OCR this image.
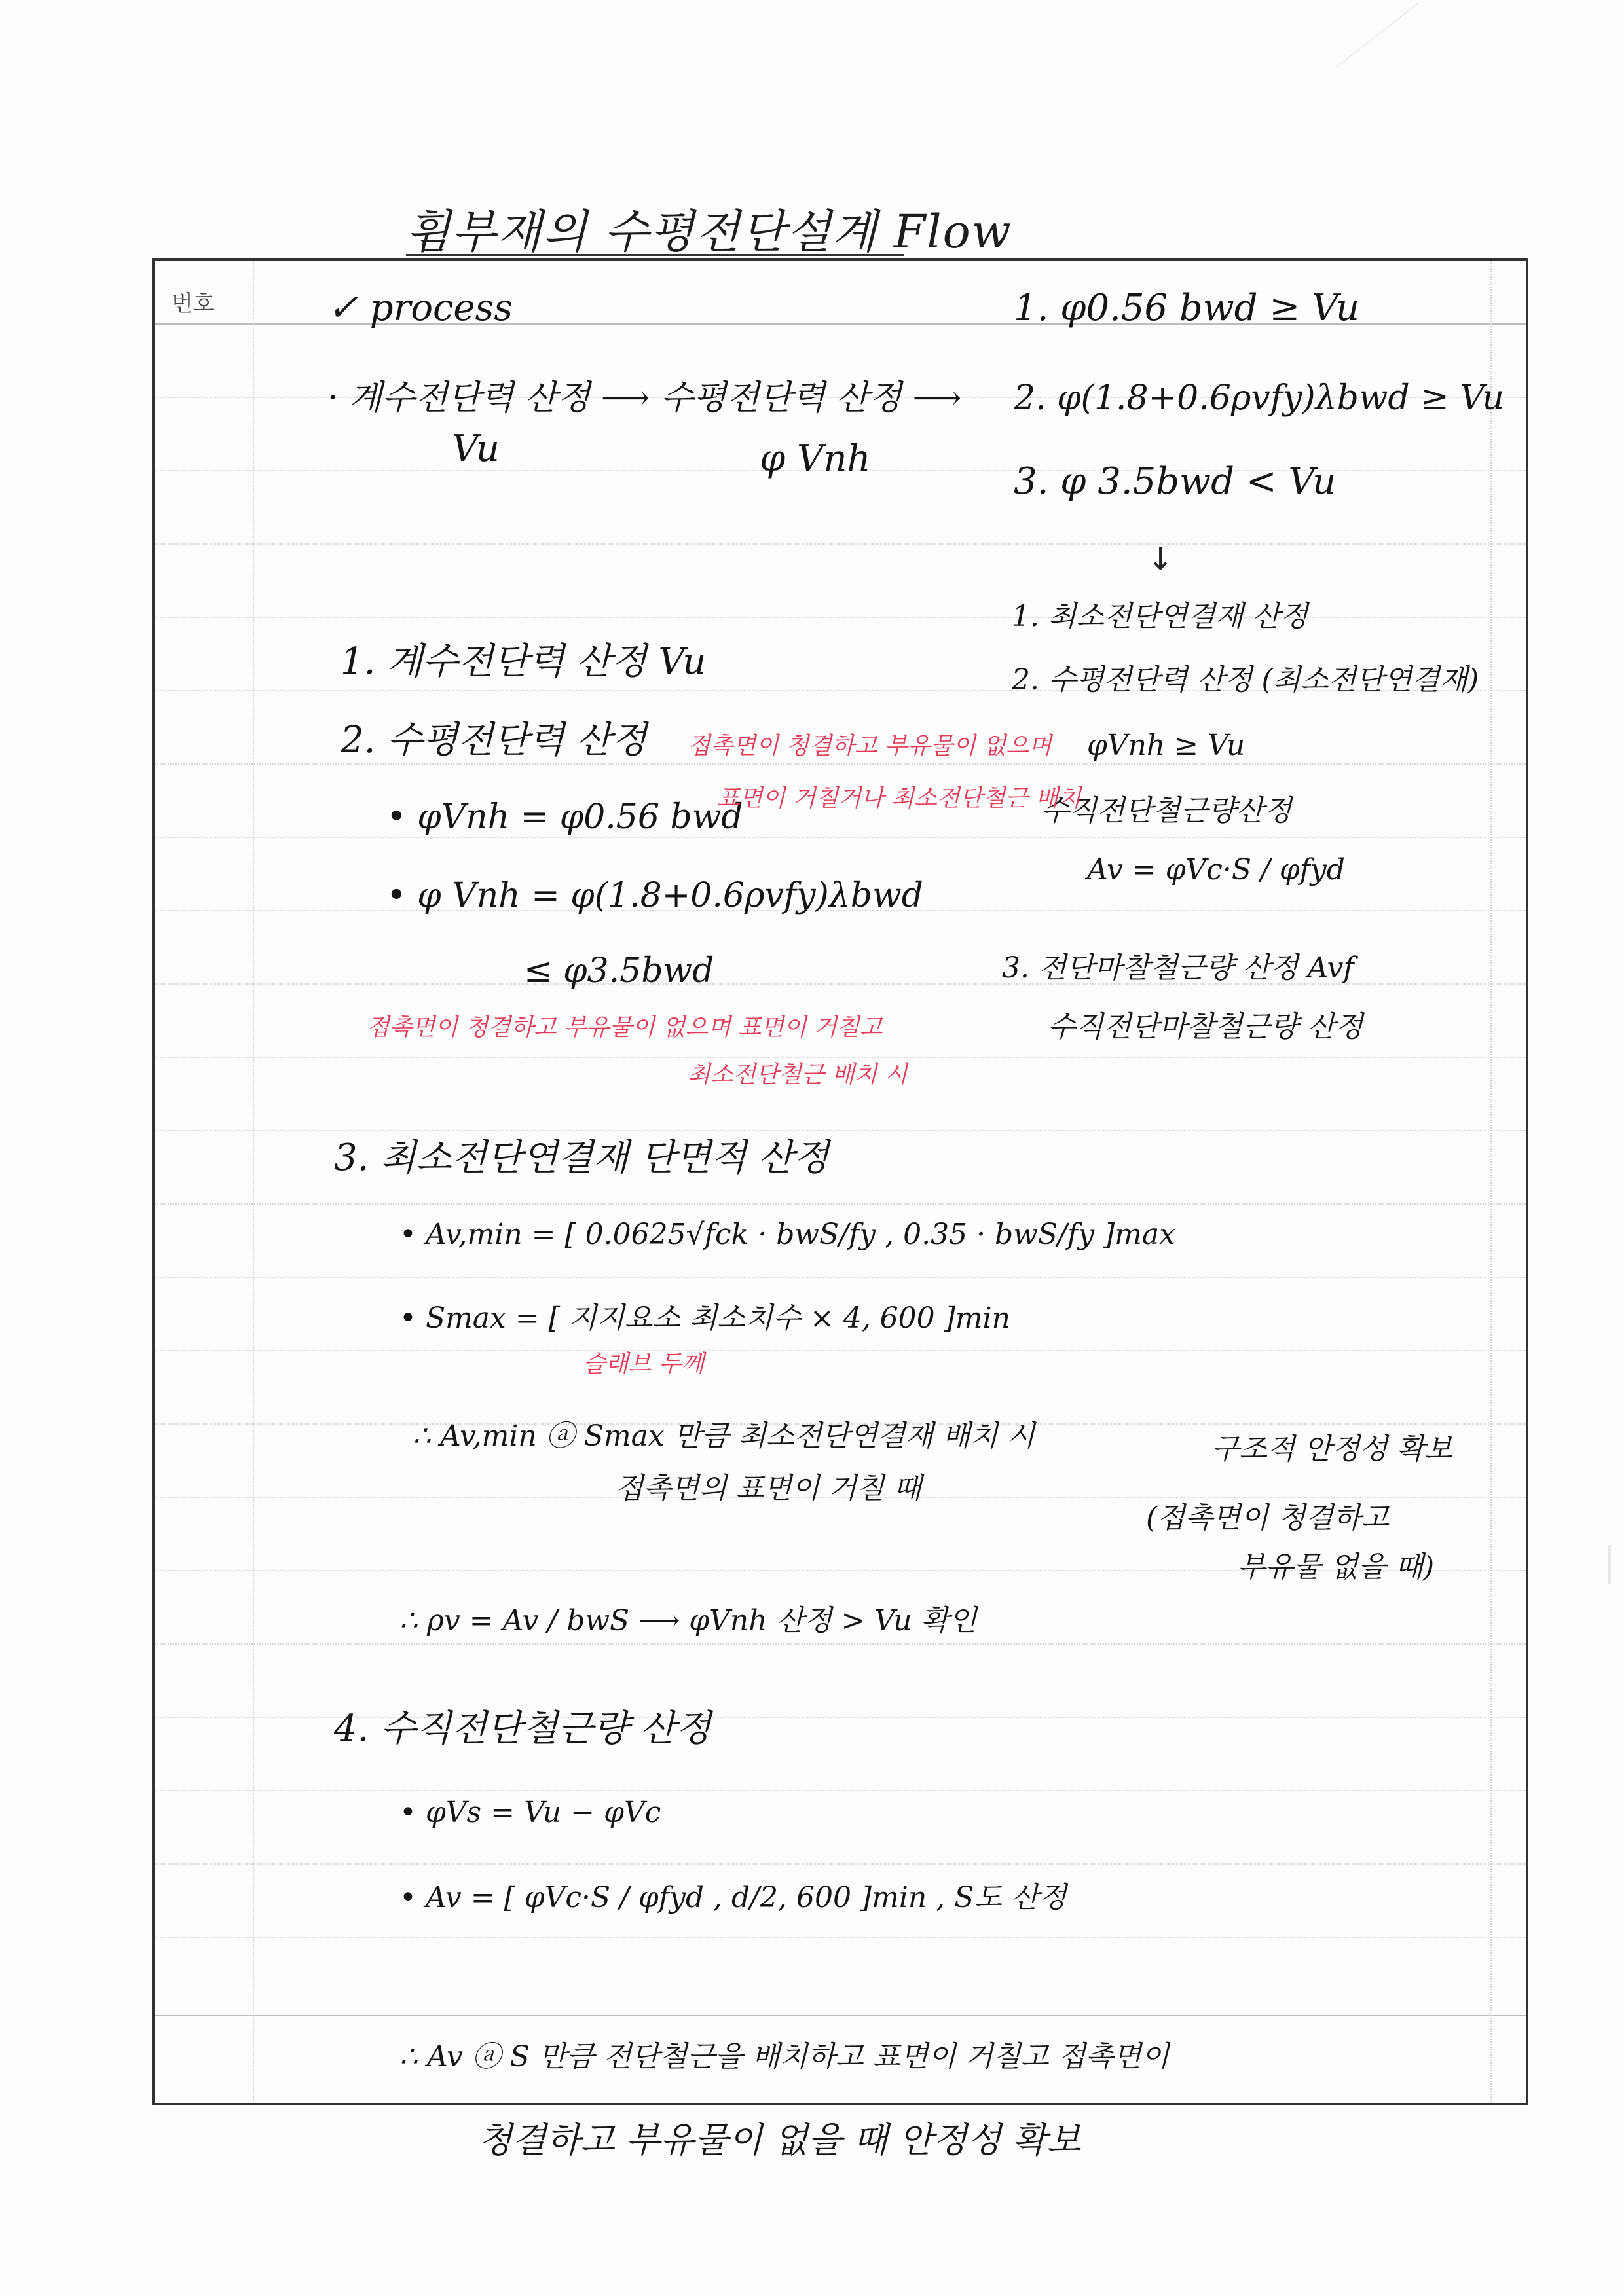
휨부재의 수평전단설계 Flow
번호	✓ process
· 계수전단력 산정 ⟶ 수평전단력 산정 ⟶
Vu	φ Vnh
1. φ0.56 bwd ≥ Vu
2. φ(1.8+0.6ρvfy)λbwd ≥ Vu
3. φ 3.5bwd < Vu
↓
1. 최소전단연결재 산정
2. 수평전단력 산정 (최소전단연결재)
φVnh ≥ Vu
수직전단철근량산정
Av = φVc·S / φfyd
3. 전단마찰철근량 산정 Avf
수직전단마찰철근량 산정
1. 계수전단력 산정 Vu
2. 수평전단력 산정 접촉면이 청결하고 부유물이 없으며
• φVnh = φ0.56 bwd
표면이 거칠거나 최소전단철근 배치
• φ Vnh = φ(1.8+0.6ρvfy)λbwd
≤ φ3.5bwd
접촉면이 청결하고 부유물이 없으며 표면이 거칠고
최소전단철근 배치 시
3. 최소전단연결재 단면적 산정
• Av,min = [ 0.0625√fck · bwS/fy , 0.35 · bwS/fy ]max
• Smax = [ 지지요소 최소치수 × 4, 600 ]min
슬래브 두께
∴ Av,min ⓐ Smax 만큼 최소전단연결재 배치 시
접촉면의 표면이 거칠 때
구조적 안정성 확보
(접촉면이 청결하고
부유물 없을 때)
∴ ρv = Av / bwS ⟶ φVnh 산정 > Vu 확인
4. 수직전단철근량 산정
• φVs = Vu − φVc
• Av = [ φVc·S / φfyd , d/2, 600 ]min , S도 산정
∴ Av ⓐ S 만큼 전단철근을 배치하고 표면이 거칠고 접촉면이
청결하고 부유물이 없을 때 안정성 확보
